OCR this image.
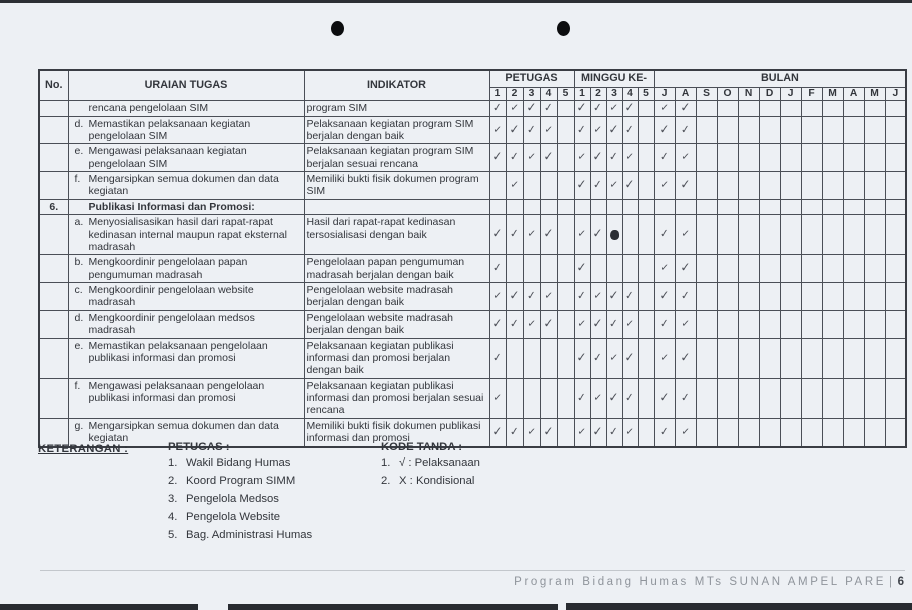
No.	URAIAN TUGAS	INDIKATOR	PETUGAS					MINGGU KE-					BULAN											
			1	2	3	4	5	1	2	3	4	5	J	A	S	O	N	D	J	F	M	A	M	J

	rencana pengelolaan SIM	program SIM	✓	✓	✓	✓		✓	✓	✓	✓		✓	✓										

	d. Memastikan pelaksanaan kegiatan pengelolaan SIM	Pelaksanaan kegiatan program SIM berjalan dengan baik	✓	✓	✓	✓		✓	✓	✓	✓		✓	✓										

	e. Mengawasi pelaksanaan kegiatan pengelolaan SIM	Pelaksanaan kegiatan program SIM berjalan sesuai rencana	✓	✓	✓	✓		✓	✓	✓	✓		✓	✓										

	f. Mengarsipkan semua dokumen dan data kegiatan	Memiliki bukti fisik dokumen program SIM		✓				✓	✓	✓	✓		✓	✓										
6.	Publikasi Informasi dan Promosi:																							

	a. Menyosialisasikan hasil dari rapat-rapat kedinasan internal maupun rapat eksternal madrasah	Hasil dari rapat-rapat kedinasan tersosialisasi dengan baik	✓	✓	✓	✓		✓	✓				✓	✓										

	b. Mengkoordinir pengelolaan papan pengumuman madrasah	Pengelolaan papan pengumuman madrasah berjalan dengan baik	✓					✓					✓	✓										

	c. Mengkoordinir pengelolaan website madrasah	Pengelolaan website madrasah berjalan dengan baik	✓	✓	✓	✓		✓	✓	✓	✓		✓	✓										

	d. Mengkoordinir pengelolaan medsos madrasah	Pengelolaan website madrasah berjalan dengan baik	✓	✓	✓	✓		✓	✓	✓	✓		✓	✓										

	e. Memastikan pelaksanaan pengelolaan publikasi informasi dan promosi	Pelaksanaan kegiatan publikasi informasi dan promosi berjalan dengan baik	✓					✓	✓	✓	✓		✓	✓										

	f. Mengawasi pelaksanaan pengelolaan publikasi informasi dan promosi	Pelaksanaan kegiatan publikasi informasi dan promosi berjalan sesuai rencana	✓					✓	✓	✓	✓		✓	✓										

	g. Mengarsipkan semua dokumen dan data kegiatan	Memiliki bukti fisik dokumen publikasi informasi dan promosi	✓	✓	✓	✓		✓	✓	✓	✓		✓	✓										
KETERANGAN :	PETUGAS :
1. Wakil Bidang Humas
2. Koord Program SIMM
3. Pengelola Medsos
4. Pengelola Website
5. Bag. Administrasi Humas
KODE TANDA :
1. √ : Pelaksanaan
2. X : Kondisional
Program Bidang Humas MTs SUNAN AMPEL PARE | 6
